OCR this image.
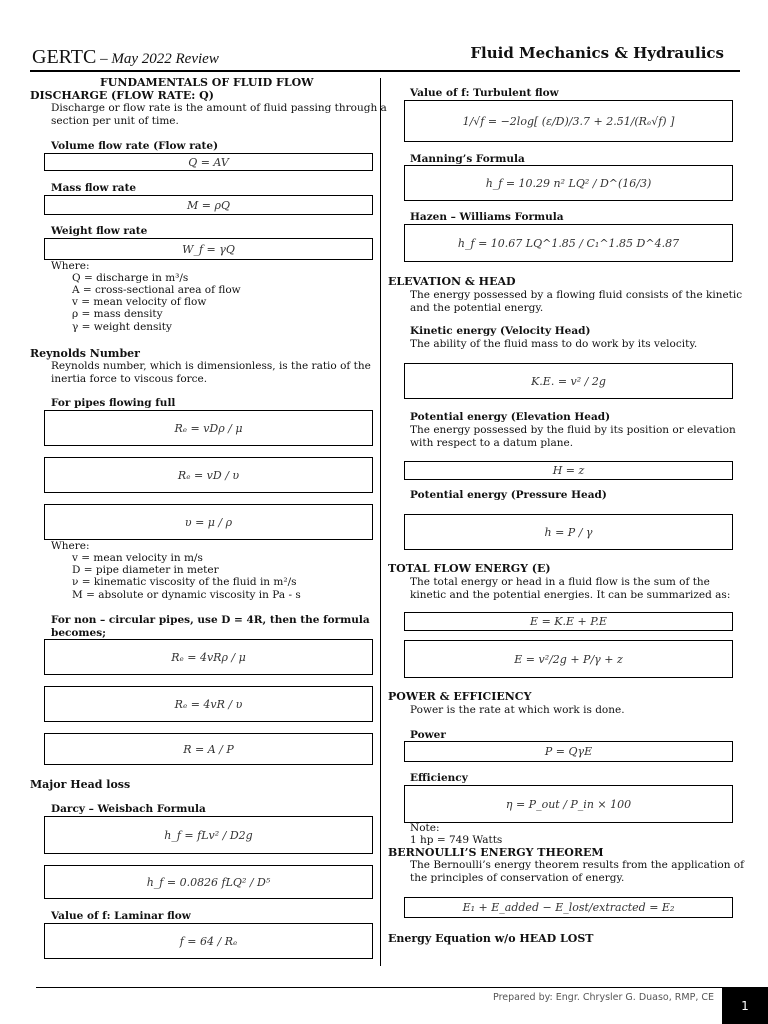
GERTC – May 2022 Review	Fluid Mechanics & Hydraulics
FUNDAMENTALS OF FLUID FLOW
DISCHARGE (FLOW RATE: Q)
Discharge or flow rate is the amount of fluid passing through a
section per unit of time.
Volume flow rate (Flow rate)
Q = AV
Mass flow rate
M = ρQ
Weight flow rate
W_f = γQ
Where:
Q = discharge in m³/s
A = cross-sectional area of flow
v = mean velocity of flow
ρ = mass density
γ = weight density
Reynolds Number
Reynolds number, which is dimensionless, is the ratio of the
inertia force to viscous force.
For pipes flowing full
Rₑ = vDρ / μ
Rₑ = vD / υ
υ = μ / ρ
Where:
v = mean velocity in m/s
D = pipe diameter in meter
ν = kinematic viscosity of the fluid in m²/s
M = absolute or dynamic viscosity in Pa - s
For non – circular pipes, use D = 4R, then the formula
becomes;
Rₑ = 4vRρ / μ
Rₑ = 4vR / υ
R = A / P
Major Head loss
Darcy – Weisbach Formula
h_f = fLv² / D2g
h_f = 0.0826 fLQ² / D⁵
Value of f: Laminar flow
f = 64 / Rₑ
Value of f: Turbulent flow
1/√f = −2log[ (ε/D)/3.7 + 2.51/(Rₑ√f) ]
Manning’s Formula
h_f = 10.29 n² LQ² / D^(16/3)
Hazen – Williams Formula
h_f = 10.67 LQ^1.85 / C₁^1.85 D^4.87
ELEVATION & HEAD
The energy possessed by a flowing fluid consists of the kinetic
and the potential energy.
Kinetic energy (Velocity Head)
The ability of the fluid mass to do work by its velocity.
K.E. = v² / 2g
Potential energy (Elevation Head)
The energy possessed by the fluid by its position or elevation
with respect to a datum plane.
H = z
Potential energy (Pressure Head)
h = P / γ
TOTAL FLOW ENERGY (E)
The total energy or head in a fluid flow is the sum of the
kinetic and the potential energies. It can be summarized as:
E = K.E + P.E
E = v²/2g + P/γ + z
POWER & EFFICIENCY
Power is the rate at which work is done.
Power
P = QγE
Efficiency
η = P_out / P_in × 100
Note:
1 hp = 749 Watts
BERNOULLI’S ENERGY THEOREM
The Bernoulli’s energy theorem results from the application of
the principles of conservation of energy.
E₁ + E_added − E_lost/extracted = E₂
Energy Equation w/o HEAD LOST
Prepared by: Engr. Chrysler G. Duaso, RMP, CE
1
